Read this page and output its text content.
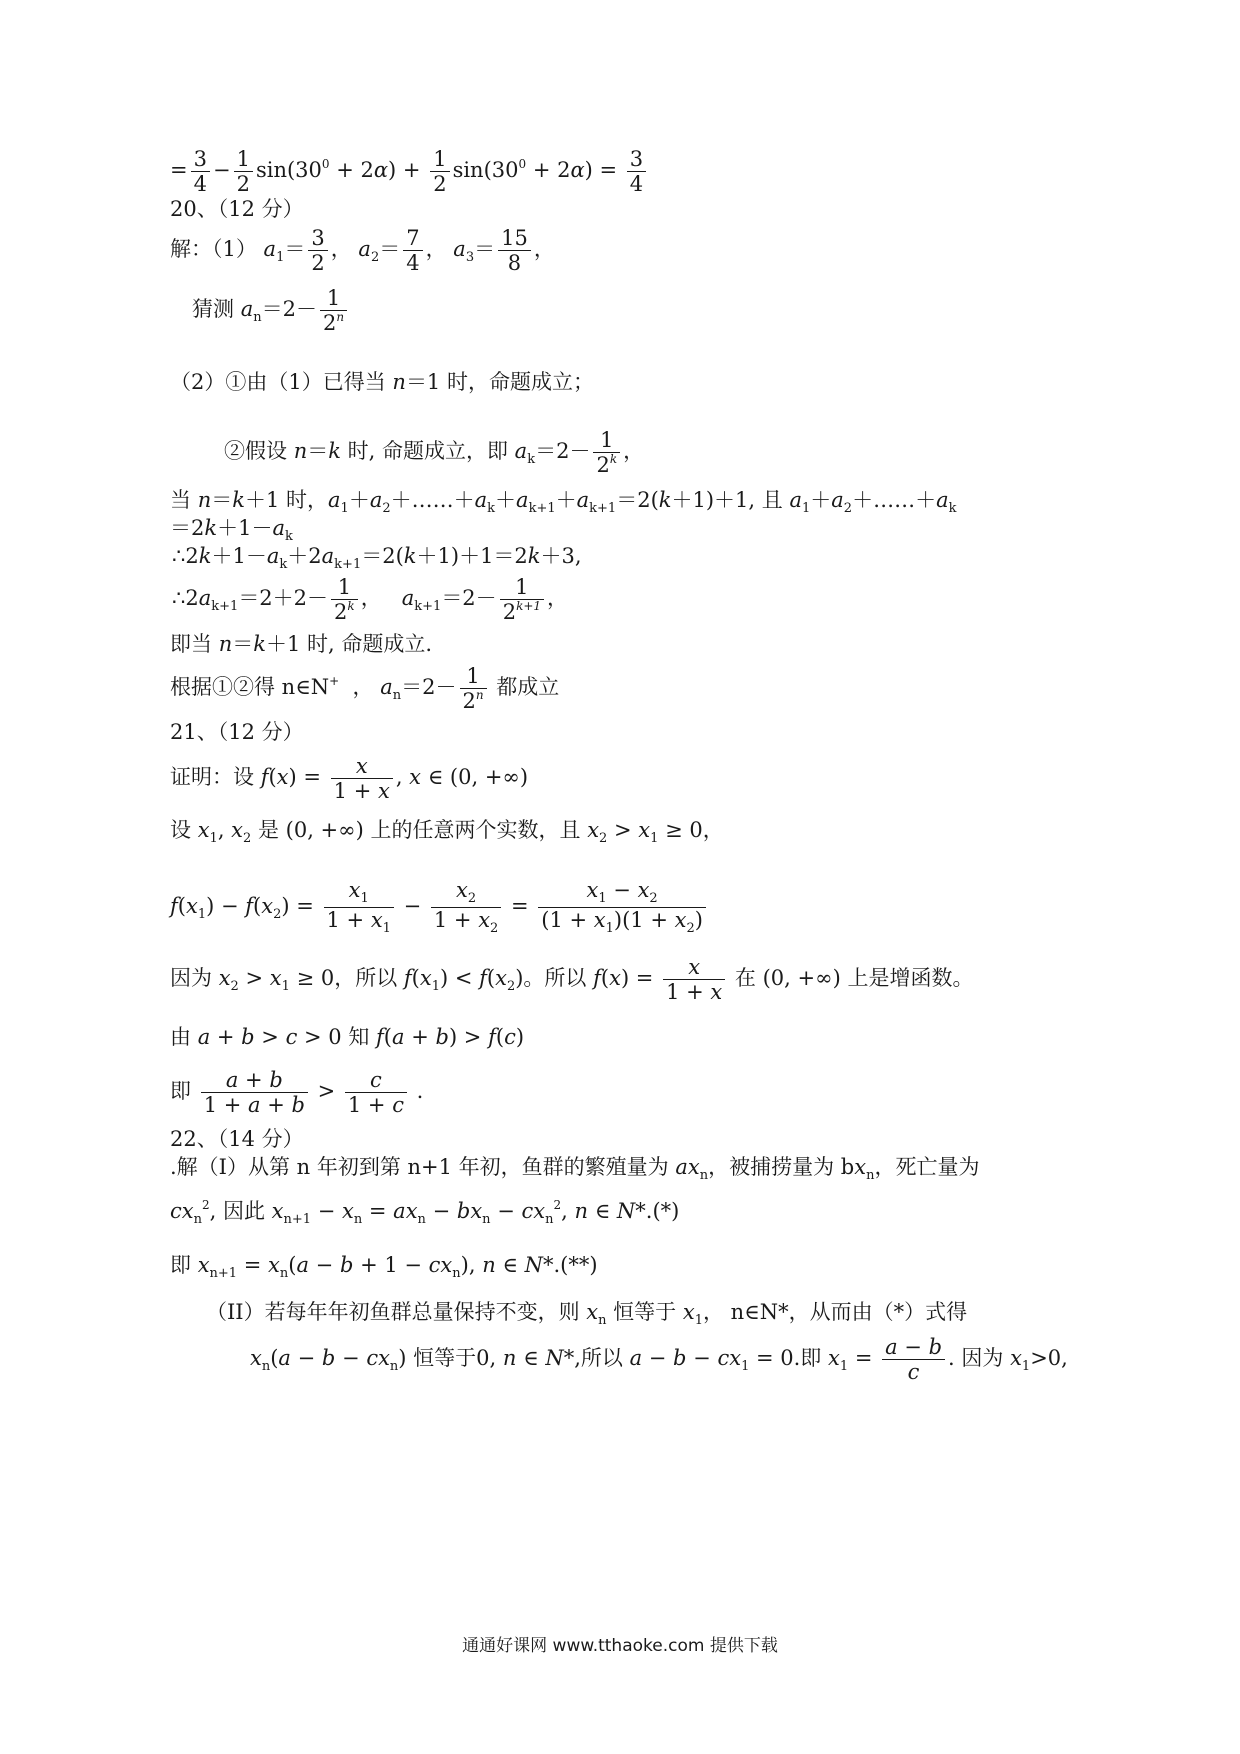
= $\frac{3}{4} - \frac{1}{2} \sin(30^0 + 2\alpha) + \frac{1}{2} \sin(30^0 + 2\alpha) = \frac{3}{4}$
20、（12 分）
解：（1） $a_1= \frac{3}{2}$ ， $a_2= \frac{7}{4}$ ， $a_3= \frac{15}{8}$ ，
猜测 $a_n=2- \frac{1}{2^n}$
（2）①由（1）已得当 n＝1 时，命题成立；
②假设 n＝k 时, 命题成立，即 $a_k=2- \frac{1}{2^k}$ ，
当 n＝k＋1 时，$a_1+a_2+\dots\dots+a_k+a_{k+1}+a_{k+1}=2(k+1)+1$, 且 $a_1+a_2+\dots\dots+a_k$
$=2k+1-a_k$
$\therefore 2k+1-a_k+2a_{k+1}=2(k+1)+1=2k+3$,
$\therefore 2a_{k+1}=2+2- \frac{1}{2^k}$ ，   $a_{k+1}=2- \frac{1}{2^{k+1}}$ ，
即当 n＝k＋1 时, 命题成立.
根据①②得 n∈N+  ， $a_n=2- \frac{1}{2^n}$ 都成立
21、（12 分）
证明：设 $f(x) = \frac{x}{1 + x}$ , x ∈ (0, +∞)
设 $x_1$, $x_2$ 是 (0, +∞) 上的任意两个实数，且 $x_2 > x_1 \ge 0$，
$f(x_1) - f(x_2) = \frac{x_1}{1 + x_1} - \frac{x_2}{1 + x_2} = \frac{x_1 - x_2}{(1 + x_1)(1 + x_2)}$
因为 $x_2 > x_1 \ge 0$，所以 $f(x_1) < f(x_2)$。所以 $f(x) = \frac{x}{1 + x}$ 在 (0, +∞) 上是增函数。
由 a + b > c > 0 知 f(a + b) > f(c)
即 $\frac{a + b}{1 + a + b} > \frac{c}{1 + c}$ .
22、（14 分）
.解（I）从第 n 年初到第 n+1 年初，鱼群的繁殖量为 $ax_n$，被捕捞量为 $bx_n$，死亡量为
$cx_n^2$, 因此 $x_{n+1} - x_n = ax_n - bx_n - cx_n^2$, n ∈ N*.(*)
即 $x_{n+1} = x_n(a - b + 1 - cx_n)$, n ∈ N*.(**)
（II）若每年年初鱼群总量保持不变，则 $x_n$ 恒等于 $x_1$， n∈N*，从而由（*）式得
$x_n(a - b - cx_n)$ 恒等于0, n ∈ N*,所以 $a - b - cx_1 = 0$.即 $x_1 = \frac{a - b}{c}$ . 因为 $x_1>0$,
通通好课网 www.tthaoke.com 提供下载
